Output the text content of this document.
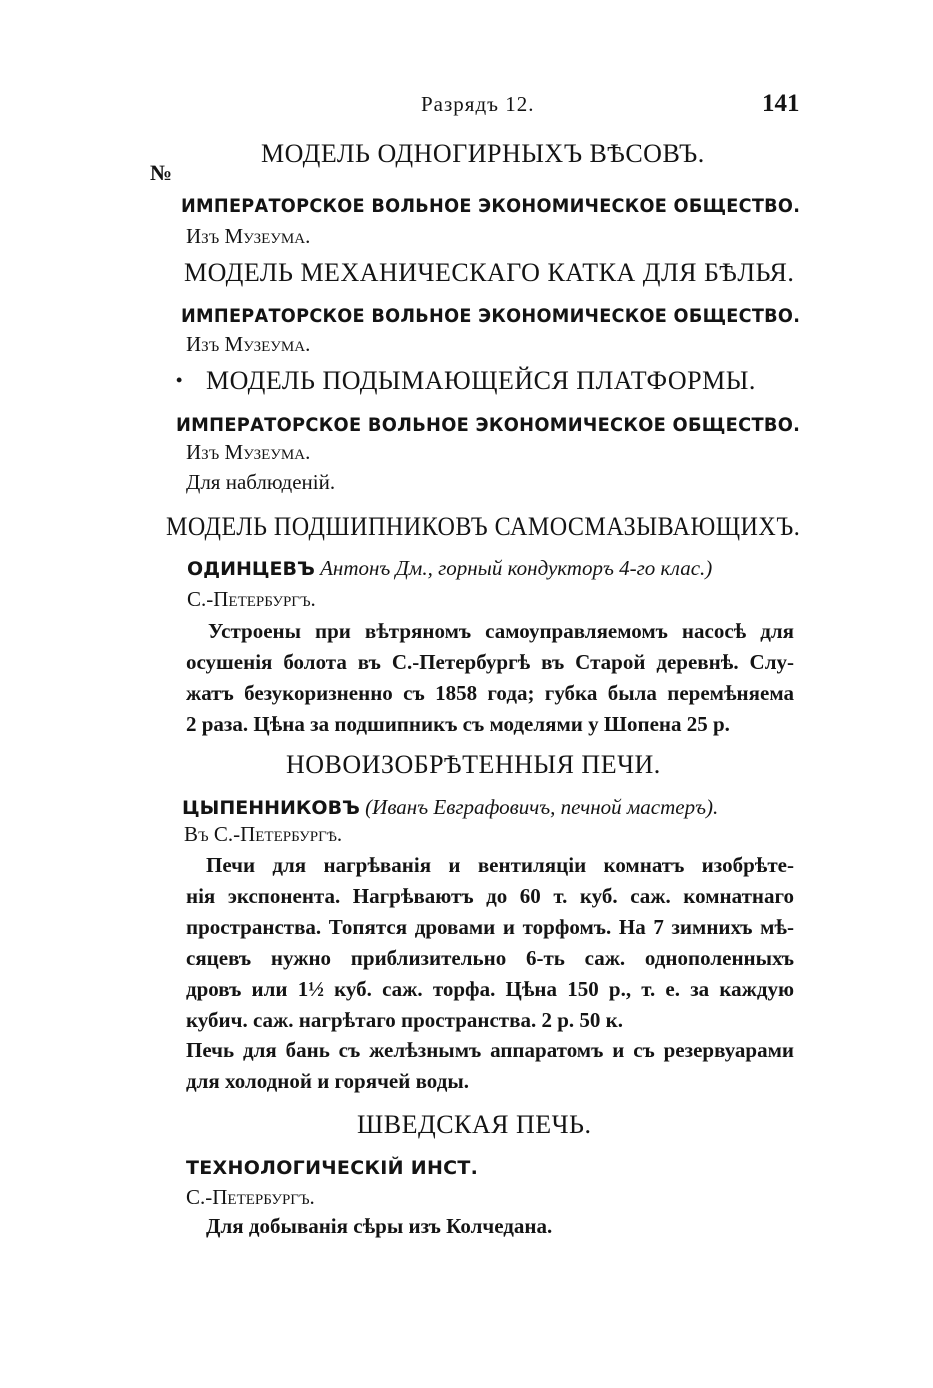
Разрядъ 12.	141
№
МОДЕЛЬ ОДНОГИРНЫХЪ ВѢСОВЪ.
ИМПЕРАТОРСКОЕ ВОЛЬНОЕ ЭКОНОМИЧЕСКОЕ ОБЩЕСТВО.
Изъ Музеума.
МОДЕЛЬ МЕХАНИЧЕСКАГО КАТКА ДЛЯ БѢЛЬЯ.
ИМПЕРАТОРСКОЕ ВОЛЬНОЕ ЭКОНОМИЧЕСКОЕ ОБЩЕСТВО.
Изъ Музеума.
• МОДЕЛЬ ПОДЫМАЮЩЕЙСЯ ПЛАТФОРМЫ.
ИМПЕРАТОРСКОЕ ВОЛЬНОЕ ЭКОНОМИЧЕСКОЕ ОБЩЕСТВО.
Изъ Музеума.
Для наблюденій.
МОДЕЛЬ ПОДШИПНИКОВЪ САМОСМАЗЫВАЮЩИХЪ.
ОДИНЦЕВЪ Антонъ Дм., горный кондукторъ 4-го клас.)
С.-Петербургъ.
Устроены при вѣтряномъ самоуправляемомъ насосѣ для
осушенія болота въ С.-Петербургѣ въ Старой деревнѣ. Слу-
жатъ безукоризненно съ 1858 года; губка была перемѣняема
2 раза. Цѣна за подшипникъ съ моделями у Шопена 25 р.
НОВОИЗОБРѢТЕННЫЯ ПЕЧИ.
ЦЫПЕННИКОВЪ (Иванъ Евграфовичъ, печной мастеръ).
Въ С.-Петербургѣ.
Печи для нагрѣванія и вентиляціи комнатъ изобрѣте-
нія экспонента. Нагрѣваютъ до 60 т. куб. саж. комнатнаго
пространства. Топятся дровами и торфомъ. На 7 зимнихъ мѣ-
сяцевъ нужно приблизительно 6-ть саж. однополенныхъ
дровъ или 1½ куб. саж. торфа. Цѣна 150 р., т. е. за каждую
кубич. саж. нагрѣтаго пространства. 2 р. 50 к.
Печь для бань съ желѣзнымъ аппаратомъ и съ резервуарами
для холодной и горячей воды.
ШВЕДСКАЯ ПЕЧЬ.
ТЕХНОЛОГИЧЕСКІЙ ИНСТ.
С.-Петербургъ.
Для добыванія сѣры изъ Колчедана.
